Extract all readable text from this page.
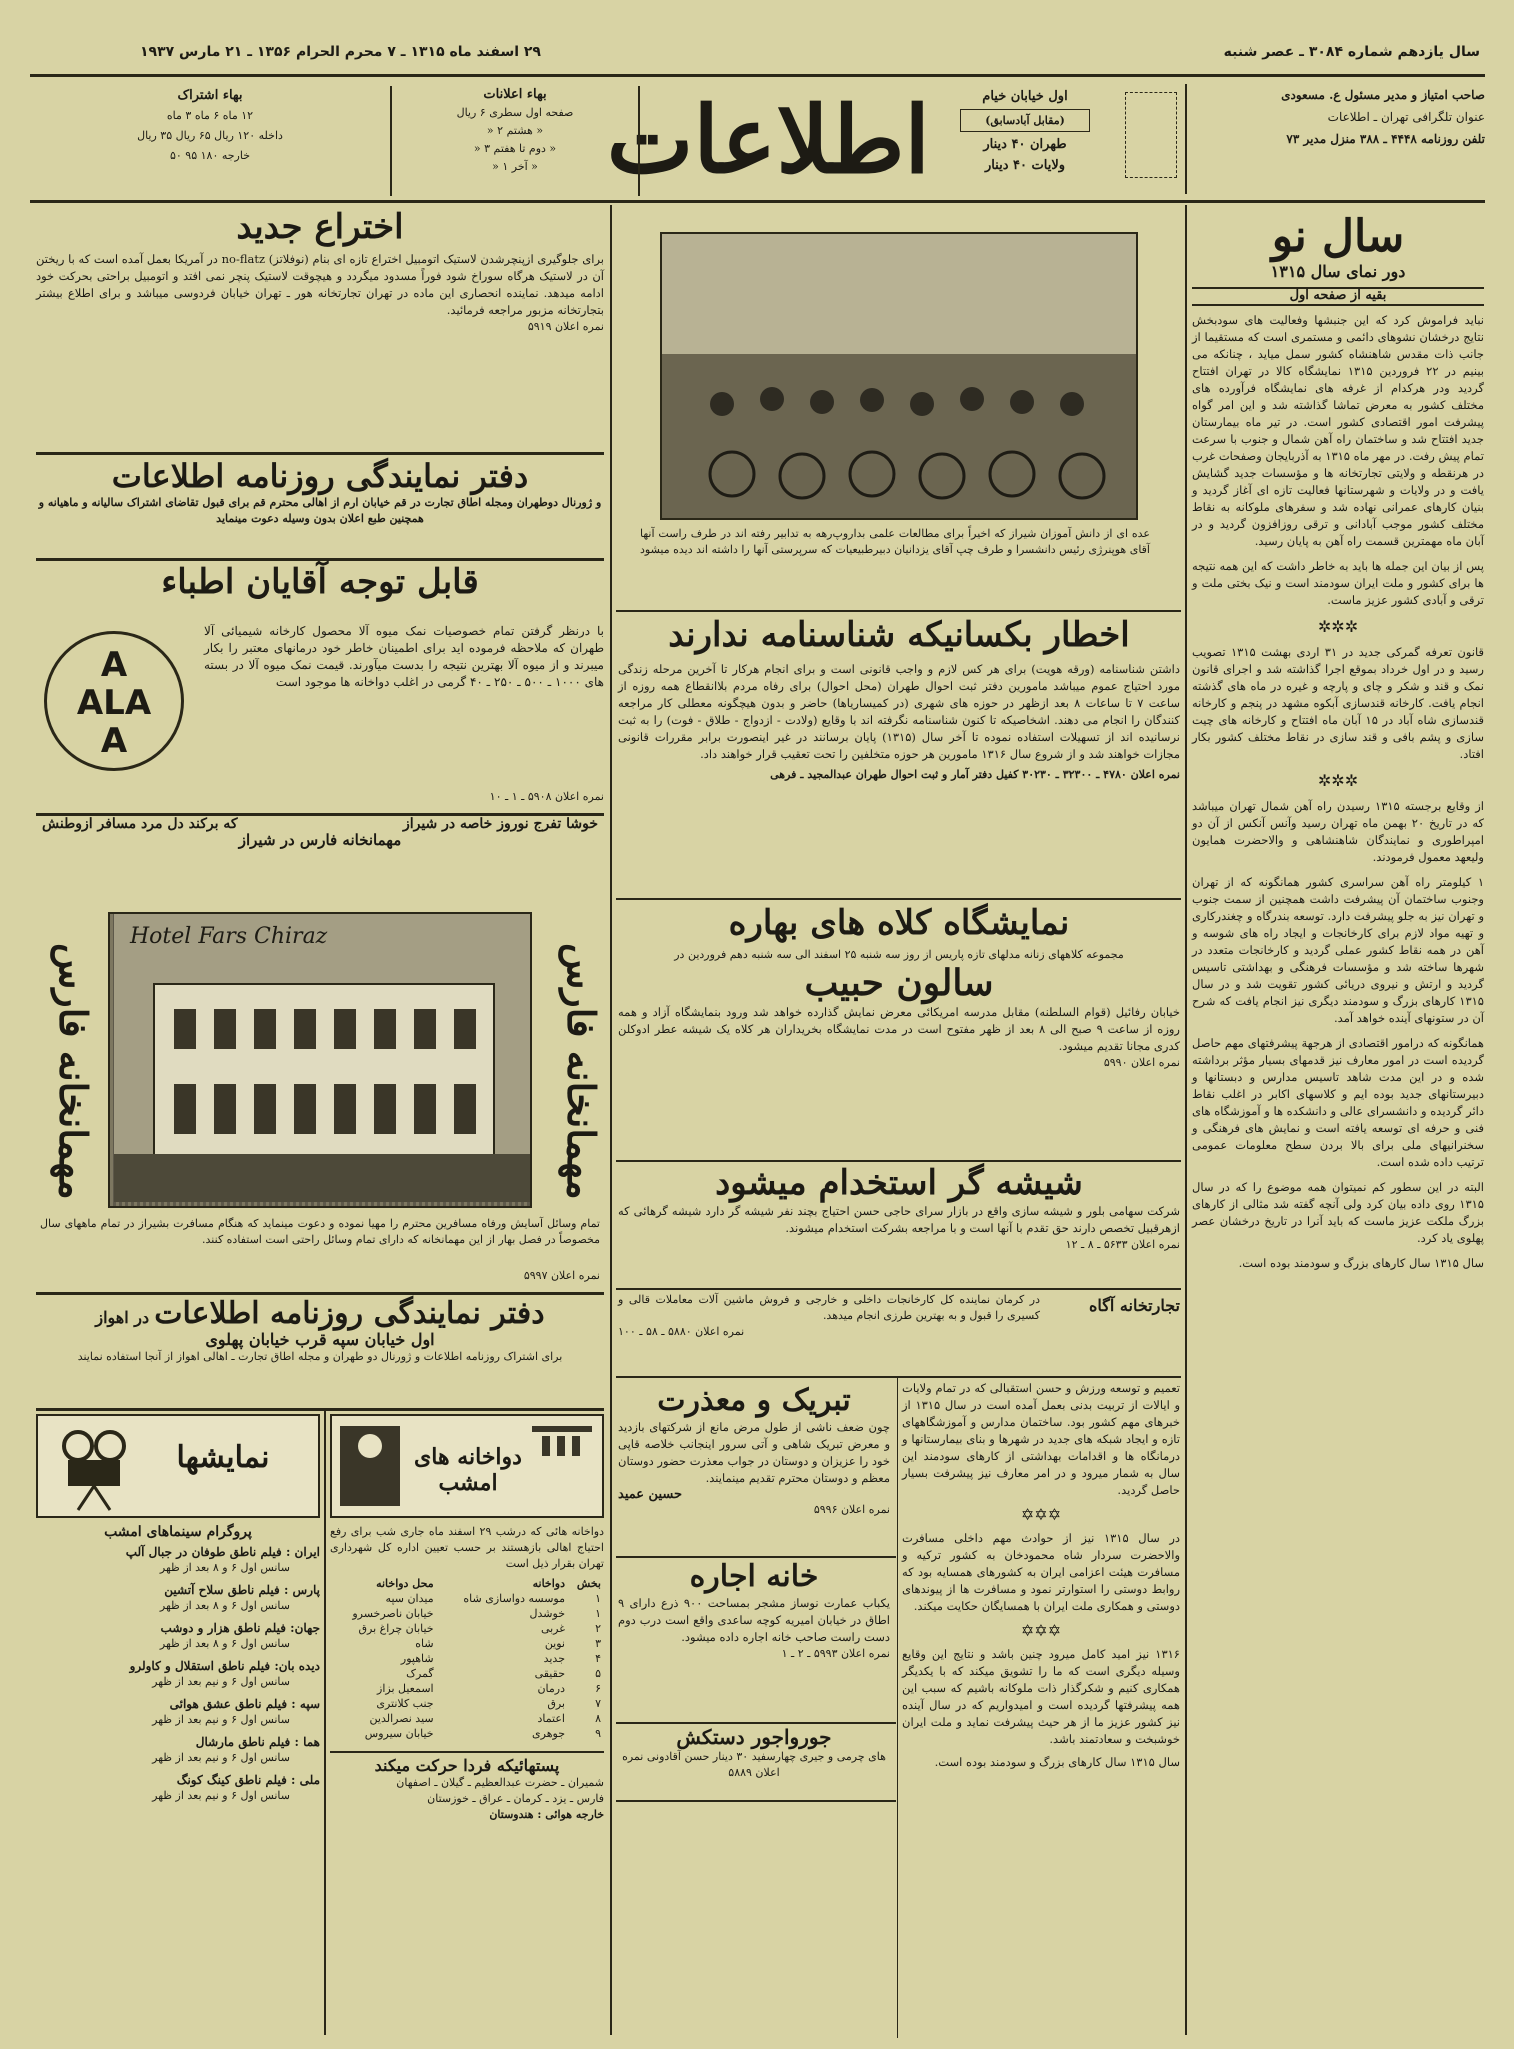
سال یازدهم شماره ۳۰۸۴ ـ عصر شنبه
۲۹ اسفند ماه ۱۳۱۵ ـ ۷ محرم الحرام ۱۳۵۶ ـ ۲۱ مارس ۱۹۳۷
صاحب امتیاز و مدیر مسئول ع. مسعودی
عنوان تلگرافی تهران ـ اطلاعات
تلفن روزنامه ۴۴۴۸ ـ ۳۸۸ منزل مدیر ۷۳
اول خیابان خیام
(مقابل آبادسابق)
طهران ۴۰ دینار
ولایات ۴۰ دینار
اطلاعات
بهاء اعلانات
صفحه اول سطری ۶ ریال
« هشتم ۲ «
« دوم تا هفتم ۳ «
« آخر ۱ «
بهاء اشتراک
۱۲ ماه ۶ ماه ۳ ماه
داخله ۱۲۰ ریال ۶۵ ریال ۳۵ ریال
خارجه ۱۸۰ ۹۵ ۵۰
سال نو
دور نمای سال ۱۳۱۵
بقیه از صفحه اول
نباید فراموش کرد که این جنبشها وفعالیت های سودبخش نتایج درخشان نشوهای دائمی و مستمری است که مستقیما از جانب ذات مقدس شاهنشاه کشور سمل میاید ، چنانکه می بینیم در ۲۲ فروردین ۱۳۱۵ نمایشگاه کالا در تهران افتتاح گردید ودر هرکدام از غرفه های نمایشگاه فرآورده های مختلف کشور به معرض تماشا گذاشته شد و این امر گواه پیشرفت امور اقتصادی کشور است. در تیر ماه بیمارستان جدید افتتاح شد و ساختمان راه آهن شمال و جنوب با سرعت تمام پیش رفت. در مهر ماه ۱۳۱۵ به آذربایجان وصفحات غرب در هرنقطه و ولایتی تجارتخانه ها و مؤسسات جدید گشایش یافت و در ولایات و شهرستانها فعالیت تازه ای آغاز گردید و بنیان کارهای عمرانی نهاده شد و سفرهای ملوکانه به نقاط مختلف کشور موجب آبادانی و ترقی روزافزون گردید و در آبان ماه مهمترین قسمت راه آهن به پایان رسید.
پس از بیان این جمله ها باید به خاطر داشت که این همه نتیجه ها برای کشور و ملت ایران سودمند است و نیک بختی ملت و ترقی و آبادی کشور عزیز ماست.
✲✲✲
قانون تعرفه گمرکی جدید در ۳۱ اردی بهشت ۱۳۱۵ تصویب رسید و در اول خرداد بموقع اجرا گذاشته شد و اجرای قانون نمک و قند و شکر و چای و پارچه و غیره در ماه های گذشته انجام یافت. کارخانه قندسازی آبکوه مشهد در پنجم و کارخانه قندسازی شاه آباد در ۱۵ آبان ماه افتتاح و کارخانه های چیت سازی و پشم بافی و قند سازی در نقاط مختلف کشور بکار افتاد.
✲✲✲
از وقایع برجسته ۱۳۱۵ رسیدن راه آهن شمال تهران میباشد که در تاریخ ۲۰ بهمن ماه تهران رسید وآنس آنکس از آن دو امپراطوری و نمایندگان شاهنشاهی و والاحضرت همایون ولیعهد معمول فرمودند.
۱ کیلومتر راه آهن سراسری کشور همانگونه که از تهران وجنوب ساختمان آن پیشرفت داشت همچنین از سمت جنوب و تهران نیز به جلو پیشرفت دارد. توسعه بندرگاه و چغندرکاری و تهیه مواد لازم برای کارخانجات و ایجاد راه های شوسه و آهن در همه نقاط کشور عملی گردید و کارخانجات متعدد در شهرها ساخته شد و مؤسسات فرهنگی و بهداشتی تاسیس گردید و ارتش و نیروی دریائی کشور تقویت شد و در سال ۱۳۱۵ کارهای بزرگ و سودمند دیگری نیز انجام یافت که شرح آن در ستونهای آینده خواهد آمد.
همانگونه که درامور اقتصادی از هرجهة پیشرفتهای مهم حاصل گردیده است در امور معارف نیز قدمهای بسیار مؤثر برداشته شده و در این مدت شاهد تاسیس مدارس و دبستانها و دبیرستانهای جدید بوده ایم و کلاسهای اکابر در اغلب نقاط دائر گردیده و دانشسرای عالی و دانشکده ها و آموزشگاه های فنی و حرفه ای توسعه یافته است و نمایش های فرهنگی و سخنرانیهای ملی برای بالا بردن سطح معلومات عمومی ترتیب داده شده است.
البته در این سطور کم نمیتوان همه موضوع را که در سال ۱۳۱۵ روی داده بیان کرد ولی آنچه گفته شد مثالی از کارهای بزرگ ملکت عزیز ماست که باید آنرا در تاریخ درخشان عصر پهلوی یاد کرد.
سال ۱۳۱۵ سال کارهای بزرگ و سودمند بوده است.
عده ای از دانش آموزان شیراز که اخیراً برای مطالعات علمی بداروپ‌رهه به تدابیر رفته اند در طرف راست آنها آقای هوپنرژی رئیس دانشسرا و طرف چپ آقای یزدانیان دبیرطبیعیات که سرپرستی آنها را داشته اند دیده میشود
اخطار بکسانیکه شناسنامه ندارند
داشتن شناسنامه (ورقه هویت) برای هر کس لازم و واجب قانونی است و برای انجام هرکار تا آخرین مرحله زندگی مورد احتیاج عموم میباشد مامورین دفتر ثبت احوال طهران (محل احوال) برای رفاه مردم بلاانقطاع همه روزه از ساعت ۷ تا ساعات ۸ بعد ازظهر در حوزه های شهری (در کمیساریاها) حاضر و بدون هیچگونه معطلی کار مراجعه کنندگان را انجام می دهند. اشخاصیکه تا کنون شناسنامه نگرفته اند با وقایع (ولادت - ازدواج - طلاق - فوت) را به ثبت نرسانیده اند از تسهیلات استفاده نموده تا آخر سال (۱۳۱۵) پایان برسانند در غیر اینصورت برابر مقررات قانونی مجازات خواهند شد و از شروع سال ۱۳۱۶ مامورین هر حوزه متخلفین را تحت تعقیب قرار خواهند داد.
نمره اعلان ۴۷۸۰ ـ ۳۲۳۰۰ ـ ۳۰۲۳۰ کفیل دفتر آمار و ثبت احوال طهران عبدالمجید ـ فرهی
نمایشگاه کلاه های بهاره
مجموعه کلاههای زنانه مدلهای تازه پاریس از روز سه شنبه ۲۵ اسفند الی سه شنبه دهم فروردین در
سالون حبیب
خیابان رفائیل (قوام السلطنه) مقابل مدرسه امریکائی معرض نمایش گذارده خواهد شد ورود بنمایشگاه آزاد و همه روزه از ساعت ۹ صبح الی ۸ بعد از ظهر مفتوح است در مدت نمایشگاه بخریداران هر کلاه یک شیشه عطر ادوکلن کدری مجانا تقدیم میشود.
نمره اعلان ۵۹۹۰
شیشه گر استخدام میشود
شرکت سهامی بلور و شیشه سازی واقع در بازار سرای حاجی حسن احتیاج بچند نفر شیشه گر دارد شیشه گرهائی که ازهرقبیل تخصص دارند حق تقدم با آنها است و با مراجعه بشرکت استخدام میشوند.
نمره اعلان ۵۶۳۳ ـ ۸ ـ ۱۲
تجارتخانه آگاه
در کرمان نماینده کل کارخانجات داخلی و خارجی و فروش ماشین آلات معاملات قالی و کسیری را قبول و به بهترین طرزی انجام میدهد.
نمره اعلان ۵۸۸۰ ـ ۵۸ ـ ۱۰۰
تبریک و معذرت
چون ضعف ناشی از طول مرض مانع از شرکتهای بازدید و معرض تبریک شاهی و آتی سرور اینجانب خلاصه قاپی خود را عزیزان و دوستان در جواب معذرت حضور دوستان معظم و دوستان محترم تقدیم مینمایند.
حسین عمید
نمره اعلان ۵۹۹۶
خانه اجاره
یکباب عمارت نوساز مشجر بمساحت ۹۰۰ ذرع دارای ۹ اطاق در خیابان امیریه کوچه ساعدی واقع است درب دوم دست راست صاحب خانه اجاره داده میشود.
نمره اعلان ۵۹۹۳ ـ ۲ ـ ۱
جورواجور دستکش
های چرمی و جیری چهارسفید ۳۰ دینار حسن آقادونی نمره اعلان ۵۸۸۹
تعمیم و توسعه ورزش و حسن استقبالی که در تمام ولایات و ایالات از تربیت بدنی بعمل آمده است در سال ۱۳۱۵ از خبرهای مهم کشور بود. ساختمان مدارس و آموزشگاههای تازه و ایجاد شبکه های جدید در شهرها و بنای بیمارستانها و درمانگاه ها و اقدامات بهداشتی از کارهای سودمند این سال به شمار میرود و در امر معارف نیز پیشرفت بسیار حاصل گردید.
✡✡✡
در سال ۱۳۱۵ نیز از حوادث مهم داخلی مسافرت والاحضرت سردار شاه محمودخان به کشور ترکیه و مسافرت هیئت اعزامی ایران به کشورهای همسایه بود که روابط دوستی را استوارتر نمود و مسافرت ها از پیوندهای دوستی و همکاری ملت ایران با همسایگان حکایت میکند.
✡✡✡
۱۳۱۶ نیز امید کامل میرود چنین باشد و نتایج این وقایع وسیله دیگری است که ما را تشویق میکند که با یکدیگر همکاری کنیم و شکرگذار ذات ملوکانه باشیم که سبب این همه پیشرفتها گردیده است و امیدواریم که در سال آینده نیز کشور عزیز ما از هر حیث پیشرفت نماید و ملت ایران خوشبخت و سعادتمند باشد.
سال ۱۳۱۵ سال کارهای بزرگ و سودمند بوده است.
اختراع جدید
برای جلوگیری ازپنچرشدن لاستیک اتومبیل اختراع تازه ای بنام (نوفلاتز) no-flatz در آمریکا بعمل آمده است که با ریختن آن در لاستیک هرگاه سوراخ شود فوراً مسدود میگردد و هیچوقت لاستیک پنچر نمی افتد و اتومبیل براحتی بحرکت خود ادامه میدهد. نماینده انحصاری این ماده در تهران تجارتخانه هور ـ تهران خیابان فردوسی میباشد و برای اطلاع بیشتر بتجارتخانه مزبور مراجعه فرمائید.
نمره اعلان ۵۹۱۹
دفتر نمایندگی روزنامه اطلاعات
و ژورنال دوطهران ومجله اطاق تجارت در قم خیابان ارم از اهالی محترم قم برای قبول تقاضای اشتراک سالیانه و ماهیانه و همچنین طبع اعلان بدون وسیله دعوت مینماید
قابل توجه آقایان اطباء
A
ALA
A
با درنظر گرفتن تمام خصوصیات نمک میوه آلا محصول کارخانه شیمیائی آلا طهران که ملاحظه فرموده اید برای اطمینان خاطر خود درمانهای معتبر را بکار میبرند و از میوه آلا بهترین نتیجه را بدست میآورند. قیمت نمک میوه آلا در بسته های ۱۰۰۰ ـ ۵۰۰ ـ ۲۵۰ ـ ۴۰ گرمی در اغلب دواخانه ها موجود است
نمره اعلان ۵۹۰۸ ـ ۱ ـ ۱۰
خوشا تفرج نوروز خاصه در شیراز
که برکند دل مرد مسافر ازوطنش
مهمانخانه فارس در شیراز
مهمانخانه فارس
مهمانخانه فارس
Hotel Fars Chiraz
تمام وسائل آسایش ورفاه مسافرین محترم را مهیا نموده و دعوت مینماید که هنگام مسافرت بشیراز در تمام ماههای سال مخصوصاً در فصل بهار از این مهمانخانه که دارای تمام وسائل راحتی است استفاده کنند.
نمره اعلان ۵۹۹۷
دفتر نمایندگی روزنامه اطلاعات در اهواز
اول خیابان سپه قرب خیابان پهلوی
برای اشتراک روزنامه اطلاعات و ژورنال دو طهران و مجله اطاق تجارت ـ اهالی اهواز از آنجا استفاده نمایند
دواخانه های امشب
دواخانه هائی که درشب ۲۹ اسفند ماه جاری شب برای رفع احتیاج اهالی بازهستند بر حسب تعیین اداره کل شهرداری تهران بقرار ذیل است
بخش	دواخانه	محل دواخانه
۱	موسسه دواسازی شاه	میدان سپه
۱	خوشدل	خیابان ناصرخسرو
۲	غربی	خیابان چراغ برق
۳	نوین	شاه
۴	جدید	شاهپور
۵	حقیقی	گمرک
۶	درمان	اسمعیل بزاز
۷	برق	جنب کلانتری
۸	اعتماد	سید نصرالدین
۹	جوهری	خیابان سیروس
پستهائیکه فردا حرکت میکند
شمیران ـ حضرت عبدالعظیم ـ گیلان ـ اصفهان
فارس ـ یزد ـ کرمان ـ عراق ـ خوزستان
خارجه هوائی : هندوستان
نمایشها
پروگرام سینماهای امشب
ایران : فیلم ناطق طوفان در جبال آلپ
سانس اول ۶ و ۸ بعد از ظهر
پارس : فیلم ناطق سلاح آتشین
سانس اول ۶ و ۸ بعد از ظهر
جهان: فیلم ناطق هزار و دوشب
سانس اول ۶ و ۸ بعد از ظهر
دیده بان: فیلم ناطق استقلال و کاولرو
سانس اول ۶ و نیم بعد از ظهر
سپه : فیلم ناطق عشق هوائی
سانس اول ۶ و نیم بعد از ظهر
هما : فیلم ناطق مارشال
سانس اول ۶ و نیم بعد از ظهر
ملی : فیلم ناطق کینگ کونگ
سانس اول ۶ و نیم بعد از ظهر
